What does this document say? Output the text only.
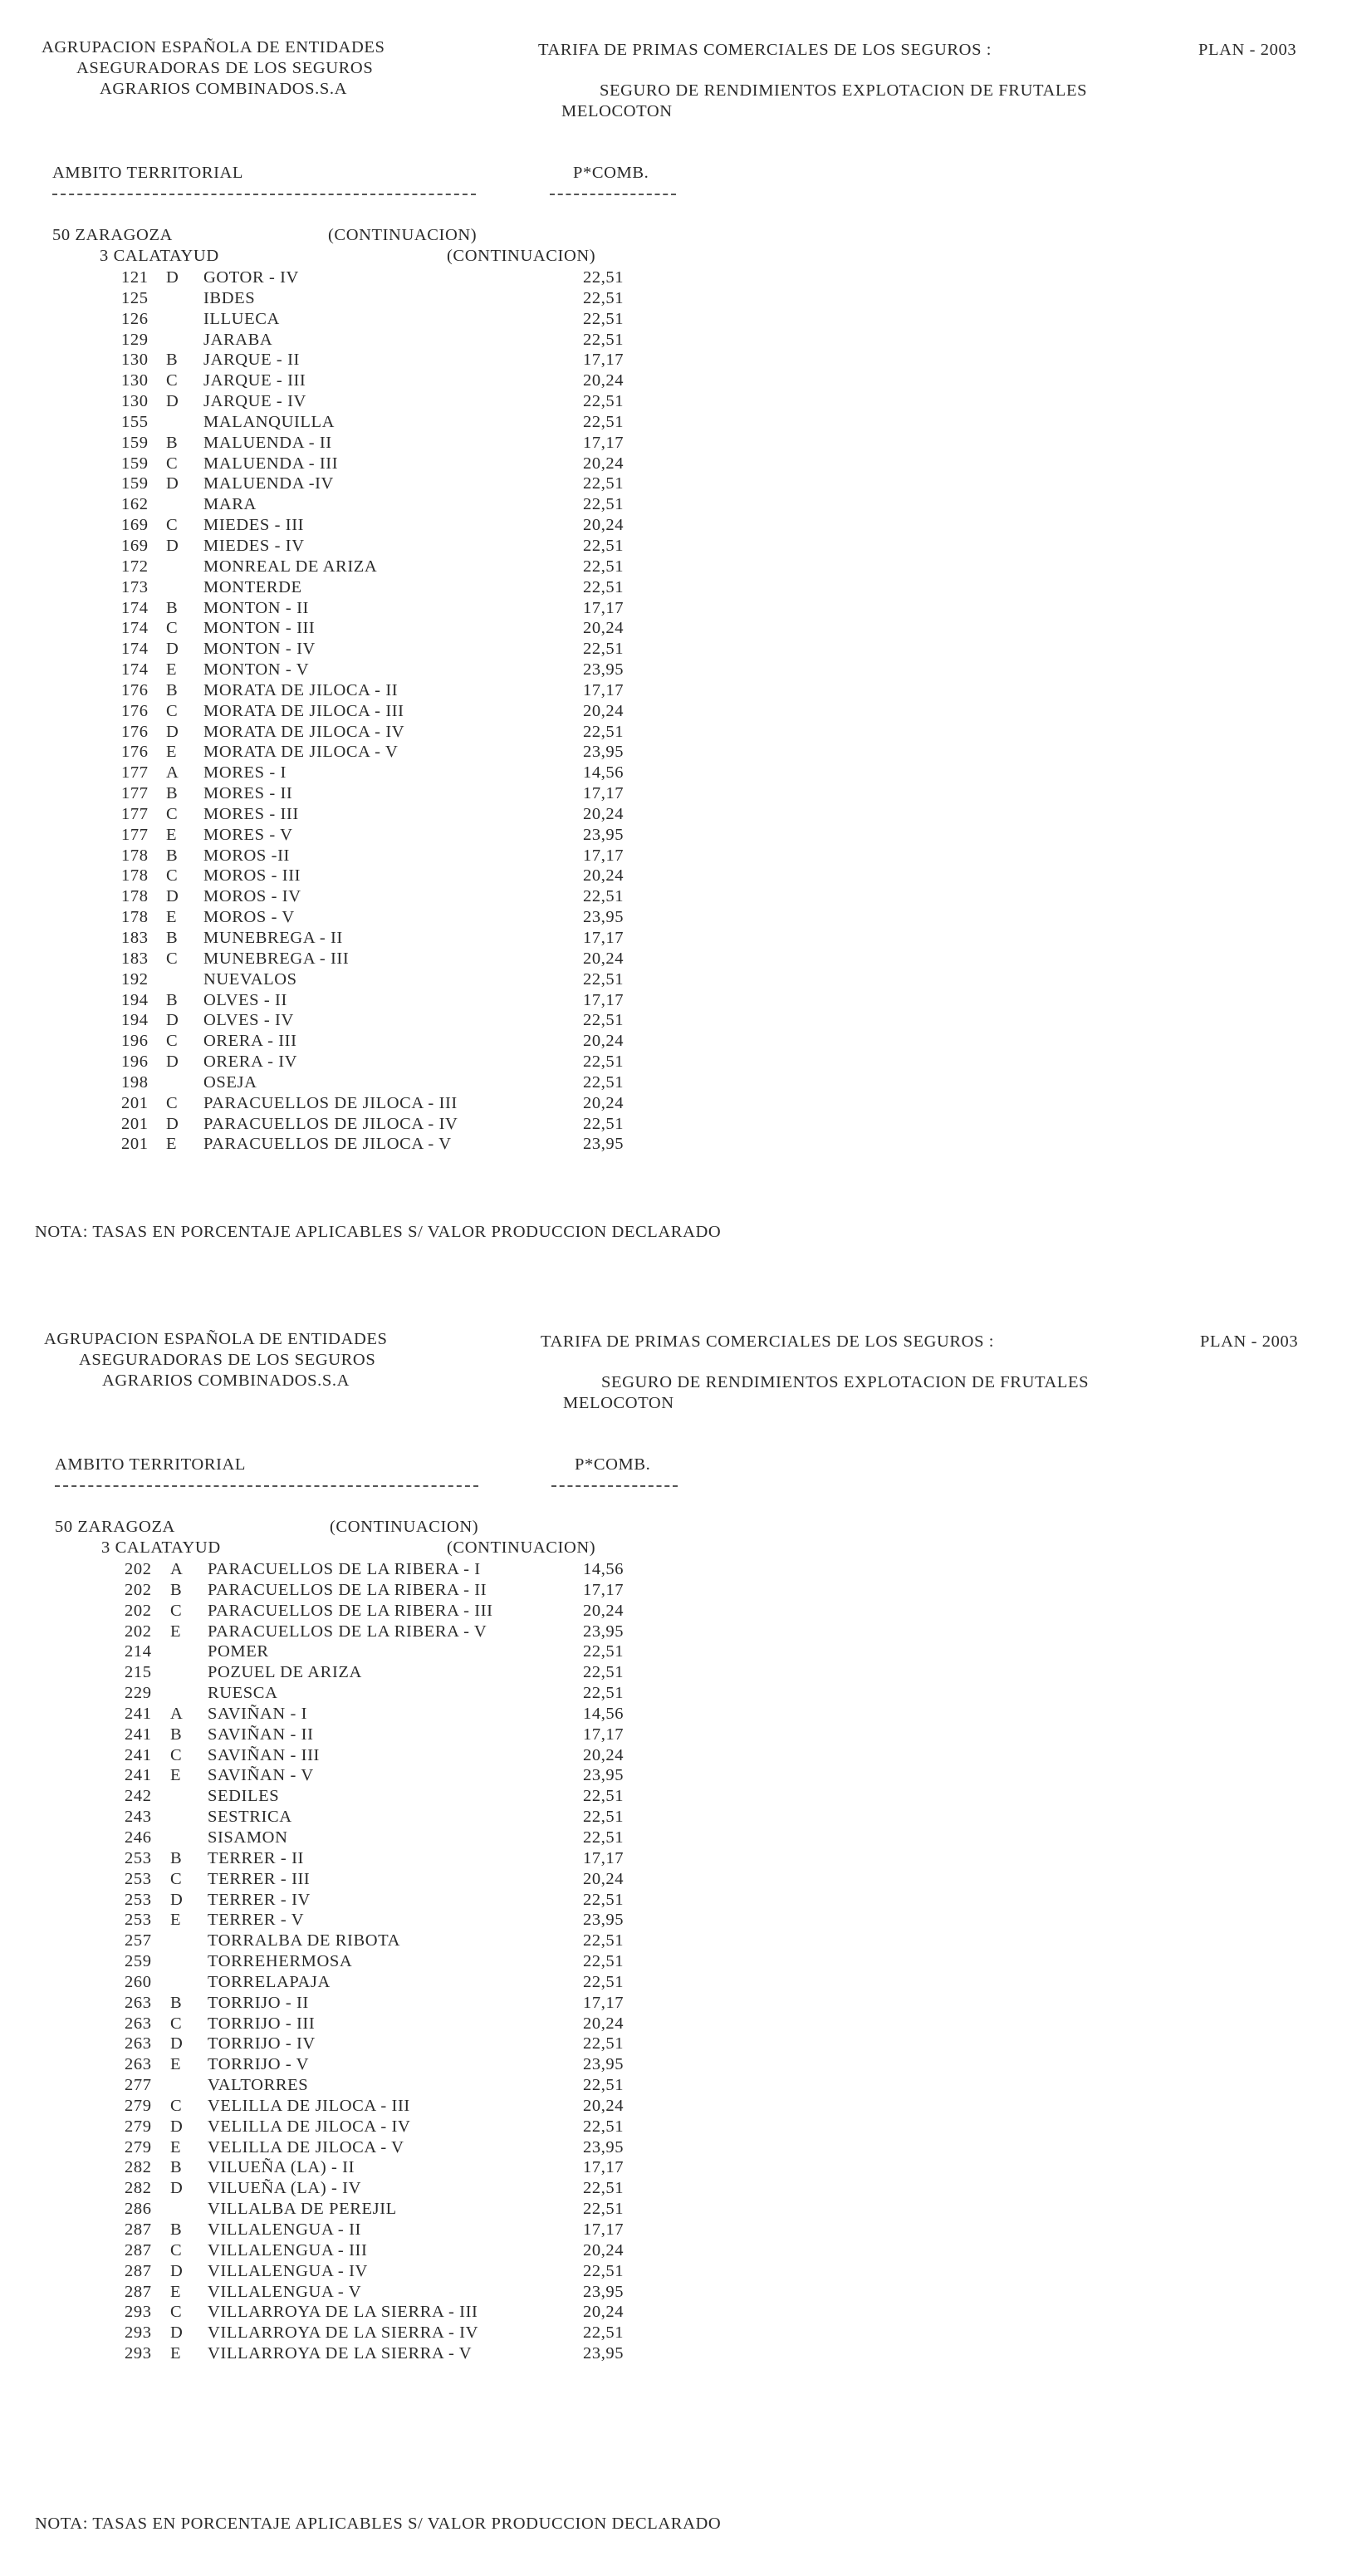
AGRUPACION ESPAÑOLA DE ENTIDADES
ASEGURADORAS DE LOS SEGUROS
AGRARIOS COMBINADOS.S.A
TARIFA DE PRIMAS COMERCIALES DE LOS SEGUROS :	PLAN - 2003
SEGURO DE RENDIMIENTOS EXPLOTACION DE FRUTALES
MELOCOTON
AMBITO TERRITORIAL	P*COMB.
50 ZARAGOZA	(CONTINUACION)
3 CALATAYUD	(CONTINUACION)
121 D GOTOR - IV	22,51
125	IBDES	22,51
126	ILLUECA	22,51
129	JARABA	22,51
130 B JARQUE - II	17,17
130 C JARQUE - III	20,24
130 D JARQUE - IV	22,51
155	MALANQUILLA	22,51
159 B MALUENDA - II	17,17
159 C MALUENDA - III	20,24
159 D MALUENDA -IV	22,51
162	MARA	22,51
169 C MIEDES - III	20,24
169 D MIEDES - IV	22,51
172	MONREAL DE ARIZA	22,51
173	MONTERDE	22,51
174 B MONTON - II	17,17
174 C MONTON - III	20,24
174 D MONTON - IV	22,51
174 E MONTON - V	23,95
176 B MORATA DE JILOCA - II	17,17
176 C MORATA DE JILOCA - III	20,24
176 D MORATA DE JILOCA - IV	22,51
176 E MORATA DE JILOCA - V	23,95
177 A MORES - I	14,56
177 B MORES - II	17,17
177 C MORES - III	20,24
177 E MORES - V	23,95
178 B MOROS -II	17,17
178 C MOROS - III	20,24
178 D MOROS - IV	22,51
178 E MOROS - V	23,95
183 B MUNEBREGA - II	17,17
183 C MUNEBREGA - III	20,24
192	NUEVALOS	22,51
194 B OLVES - II	17,17
194 D OLVES - IV	22,51
196 C ORERA - III	20,24
196 D ORERA - IV	22,51
198	OSEJA	22,51
201 C PARACUELLOS DE JILOCA - III	20,24
201 D PARACUELLOS DE JILOCA - IV	22,51
201 E PARACUELLOS DE JILOCA - V	23,95
NOTA: TASAS EN PORCENTAJE APLICABLES S/ VALOR PRODUCCION DECLARADO
AGRUPACION ESPAÑOLA DE ENTIDADES
ASEGURADORAS DE LOS SEGUROS
AGRARIOS COMBINADOS.S.A
TARIFA DE PRIMAS COMERCIALES DE LOS SEGUROS :	PLAN - 2003
SEGURO DE RENDIMIENTOS EXPLOTACION DE FRUTALES
MELOCOTON
AMBITO TERRITORIAL	P*COMB.
50 ZARAGOZA	(CONTINUACION)
3 CALATAYUD	(CONTINUACION)
202 A PARACUELLOS DE LA RIBERA - I	14,56
202 B PARACUELLOS DE LA RIBERA - II	17,17
202 C PARACUELLOS DE LA RIBERA - III	20,24
202 E PARACUELLOS DE LA RIBERA - V	23,95
214	POMER	22,51
215	POZUEL DE ARIZA	22,51
229	RUESCA	22,51
241 A SAVIÑAN - I	14,56
241 B SAVIÑAN - II	17,17
241 C SAVIÑAN - III	20,24
241 E SAVIÑAN - V	23,95
242	SEDILES	22,51
243	SESTRICA	22,51
246	SISAMON	22,51
253 B TERRER - II	17,17
253 C TERRER - III	20,24
253 D TERRER - IV	22,51
253 E TERRER - V	23,95
257	TORRALBA DE RIBOTA	22,51
259	TORREHERMOSA	22,51
260	TORRELAPAJA	22,51
263 B TORRIJO - II	17,17
263 C TORRIJO - III	20,24
263 D TORRIJO - IV	22,51
263 E TORRIJO - V	23,95
277	VALTORRES	22,51
279 C VELILLA DE JILOCA - III	20,24
279 D VELILLA DE JILOCA - IV	22,51
279 E VELILLA DE JILOCA - V	23,95
282 B VILUEÑA (LA) - II	17,17
282 D VILUEÑA (LA) - IV	22,51
286	VILLALBA DE PEREJIL	22,51
287 B VILLALENGUA - II	17,17
287 C VILLALENGUA - III	20,24
287 D VILLALENGUA - IV	22,51
287 E VILLALENGUA - V	23,95
293 C VILLARROYA DE LA SIERRA - III	20,24
293 D VILLARROYA DE LA SIERRA - IV	22,51
293 E VILLARROYA DE LA SIERRA - V	23,95
NOTA: TASAS EN PORCENTAJE APLICABLES S/ VALOR PRODUCCION DECLARADO
